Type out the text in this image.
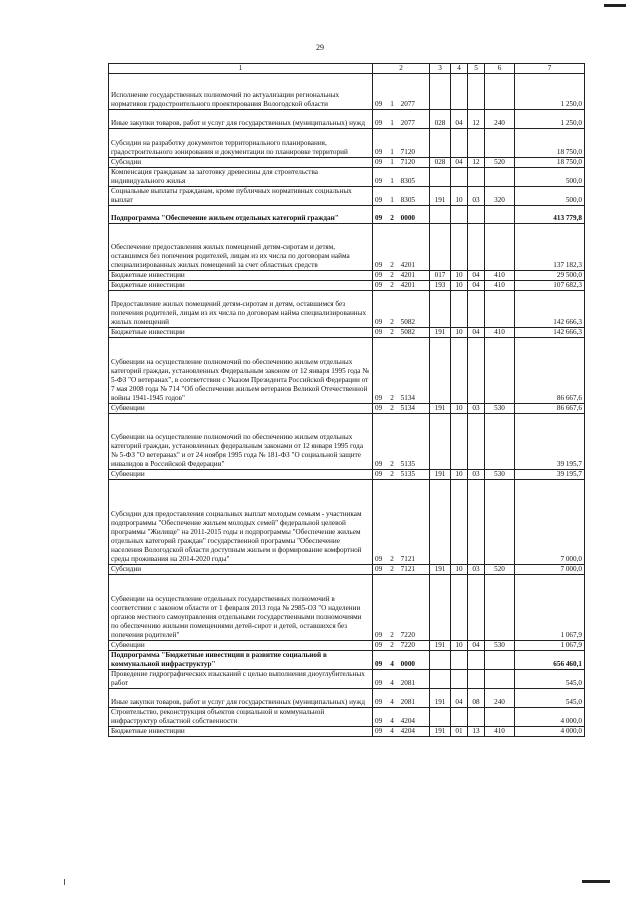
29
1	2	3	4	5	6	7
Исполнение государственных полномочий по актуализации региональных нормативов градостроительного проектирования Вологодской области	09 1 2077					1 250,0
Иные закупки товаров, работ и услуг для государственных (муниципальных) нужд	09 1 2077	028	04	12	240	1 250,0
Субсидии на разработку документов территориального планирования, градостроительного зонирования и документации по планировке территорий	09 1 7120					18 750,0
Субсидии	09 1 7120	028	04	12	520	18 750,0
Компенсация гражданам за заготовку древесины для строительства индивидуального жилья	09 1 8305					500,0
Социальные выплаты гражданам, кроме публичных нормативных социальных выплат	09 1 8305	191	10	03	320	500,0
Подпрограмма "Обеспечение жильем отдельных категорий граждан"	09 2 0000					413 779,8
Обеспечение предоставления жилых помещений детям-сиротам и детям, оставшимся без попечения родителей, лицам из их числа по договорам найма специализированных жилых помещений за счет областных средств	09 2 4201					137 182,3
Бюджетные инвестиции	09 2 4201	017	10	04	410	29 500,0
Бюджетные инвестиции	09 2 4201	193	10	04	410	107 682,3
Предоставление жилых помещений детям-сиротам и детям, оставшимся без попечения родителей, лицам из их числа по договорам найма специализированных жилых помещений	09 2 5082					142 666,3
Бюджетные инвестиции	09 2 5082	191	10	04	410	142 666,3
Субвенции на осуществление полномочий по обеспечению жильем отдельных категорий граждан, установленных Федеральным законом от 12 января 1995 года № 5-ФЗ "О ветеранах", в соответствии с Указом Президента Российской Федерации от 7 мая 2008 года № 714 "Об обеспечении жильем ветеранов Великой Отечественной войны 1941-1945 годов"	09 2 5134					86 667,6
Субвенции	09 2 5134	191	10	03	530	86 667,6
Субвенции на осуществление полномочий по обеспечению жильем отдельных категорий граждан, установленных федеральным законами от 12 января 1995 года № 5-ФЗ "О ветеранах" и от 24 ноября 1995 года № 181-ФЗ "О социальной защите инвалидов в Российской Федерации"	09 2 5135					39 195,7
Субвенции	09 2 5135	191	10	03	530	39 195,7
Субсидии для предоставления социальных выплат молодым семьям - участникам подпрограммы "Обеспечение жильем молодых семей" федеральной целевой программы "Жилище" на 2011-2015 годы и подпрограммы "Обеспечение жильем отдельных категорий граждан" государственной программы "Обеспечение населения Вологодской области доступным жильем и формирование комфортной среды проживания на 2014-2020 годы"	09 2 7121					7 000,0
Субсидии	09 2 7121	191	10	03	520	7 000,0
Субвенции на осуществление отдельных государственных полномочий в соответствии с законом области от 1 февраля 2013 года № 2985-ОЗ "О наделении органов местного самоуправления отдельными государственными полномочиями по обеспечению жилыми помещениями детей-сирот и детей, оставшихся без попечения родителей"	09 2 7220					1 067,9
Субвенции	09 2 7220	191	10	04	530	1 067,9
Подпрограмма "Бюджетные инвестиции в развитие социальной в коммунальной инфраструктур"	09 4 0000					656 460,1
Проведение гидрографических изысканий с целью выполнения дноуглубительных работ	09 4 2081					545,0
Иные закупки товаров, работ и услуг для государственных (муниципальных) нужд	09 4 2081	191	04	08	240	545,0
Строительство, реконструкция объектов социальной и коммунальной инфраструктур областной собственности	09 4 4204					4 000,0
Бюджетные инвестиции	09 4 4204	191	01	13	410	4 000,0
